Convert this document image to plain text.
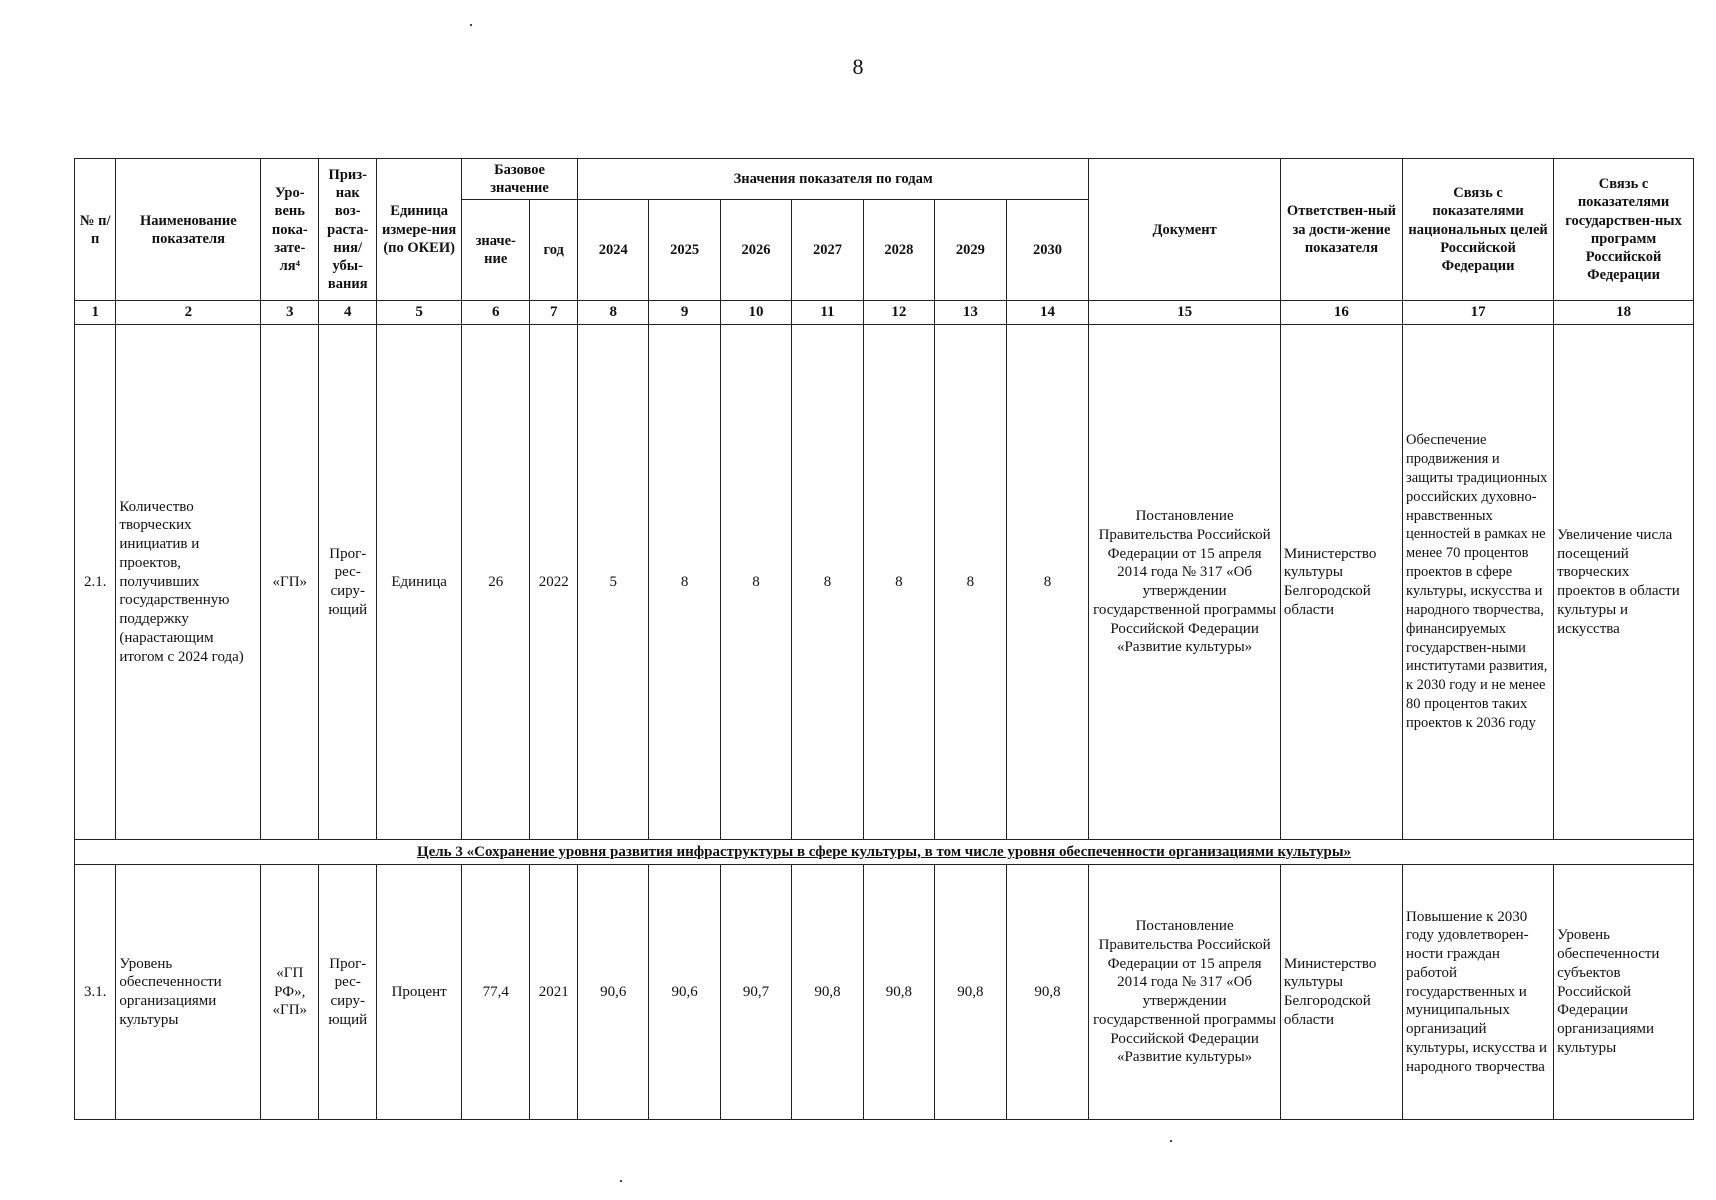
8
№ п/п	Наименование показателя	Уро-вень пока-зате-ля⁴	Приз-нак воз-раста-ния/ убы-вания	Единица измере-ния (по ОКЕИ)	Базовое значение		Значения показателя по годам							Документ	Ответствен-ный за дости-жение показателя	Связь с показателями национальных целей Российской Федерации	Связь с показателями государствен-ных программ Российской Федерации
					значе-ние	год	2024	2025	2026	2027	2028	2029	2030				
1	2	3	4	5	6	7	8	9	10	11	12	13	14	15	16	17	18
2.1.	Количество творческих инициатив и проектов, получивших государственную поддержку (нарастающим итогом с 2024 года)	«ГП»	Прог-рес-сиру-ющий	Единица	26	2022	5	8	8	8	8	8	8	Постановление Правительства Российской Федерации от 15 апреля 2014 года № 317 «Об утверждении государственной программы Российской Федерации «Развитие культуры»	Министерство культуры Белгородской области	Обеспечение продвижения и защиты традиционных российских духовно-нравственных ценностей в рамках не менее 70 процентов проектов в сфере культуры, искусства и народного творчества, финансируемых государствен-ными институтами развития, к 2030 году и не менее 80 процентов таких проектов к 2036 году	Увеличение числа посещений творческих проектов в области культуры и искусства
Цель 3 «Сохранение уровня развития инфраструктуры в сфере культуры, в том числе уровня обеспеченности организациями культуры»																	
3.1.	Уровень обеспеченности организациями культуры	«ГП РФ», «ГП»	Прог-рес-сиру-ющий	Процент	77,4	2021	90,6	90,6	90,7	90,8	90,8	90,8	90,8	Постановление Правительства Российской Федерации от 15 апреля 2014 года № 317 «Об утверждении государственной программы Российской Федерации «Развитие культуры»	Министерство культуры Белгородской области	Повышение к 2030 году удовлетворен-ности граждан работой государственных и муниципальных организаций культуры, искусства и народного творчества	Уровень обеспеченности субъектов Российской Федерации организациями культуры
